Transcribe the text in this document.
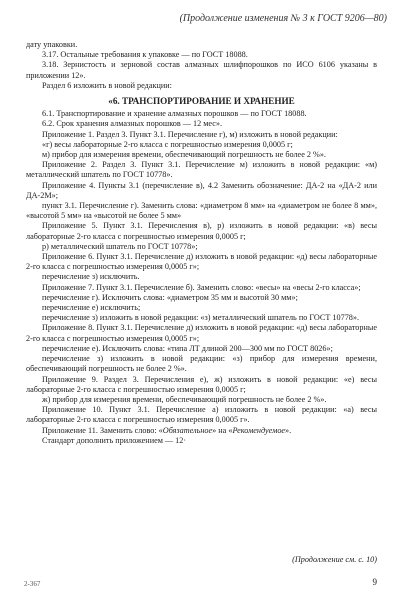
(Продолжение изменения № 3 к ГОСТ 9206—80)

дату упаковки.

3.17. Остальные требования к упаковке — по ГОСТ 18088.

3.18. Зернистость и зерновой состав алмазных шлифпорошков по ИСО 6106 указаны в приложении 12».

Раздел 6 изложить в новой редакции:

«6. ТРАНСПОРТИРОВАНИЕ И ХРАНЕНИЕ

6.1. Транспортирование и хранение алмазных порошков — по ГОСТ 18088.

6.2. Срок хранения алмазных порошков — 12 мес».

Приложение 1. Раздел 3. Пункт 3.1. Перечисление г), м) изложить в новой редакции:

«г) весы лабораторные 2-го класса с погрешностью измерения 0,0005 г;

м) прибор для измерения времени, обеспечивающий погрешность не более 2 %».

Приложение 2. Раздел 3. Пункт 3.1. Перечисление м) изложить в новой редакции: «м) металлический шпатель по ГОСТ 10778».

Приложение 4. Пункты 3.1 (перечисление в), 4.2 Заменить обозначение: ДА-2 на «ДА-2 или ДА-2М»;

пункт 3.1. Перечисление г). Заменить слова: «диаметром 8 мм» на «диаметром не более 8 мм», «высотой 5 мм» на «высотой не более 5 мм»

Приложение 5. Пункт 3.1. Перечисления в), р) изложить в новой редакции: «в) весы лабораторные 2-го класса с погрешностью измерения 0,0005 г;

р) металлический шпатель по ГОСТ 10778»;

Приложение 6. Пункт 3.1. Перечисление д) изложить в новой редакции: «д) весы лабораторные 2-го класса с погрешностью измерения 0,0005 г»;

перечисление з) исключить.

Приложение 7. Пункт 3.1. Перечисление б). Заменить слово: «весы» на «весы 2-го класса»;

перечисление г). Исключить слова: «диаметром 35 мм и высотой 30 мм»;

перечисление е) исключить;

перечисление з) изложить в новой редакции: «з) металлический шпатель по ГОСТ 10778».

Приложение 8. Пункт 3.1. Перечисление д) изложить в новой редакции: «д) весы лабораторные 2-го класса с погрешностью измерения 0,0005 г»;

перечисление е). Исключить слова: «типа ЛТ длиной 200—300 мм по ГОСТ 8026»;

перечисление з) изложить в новой редакции: «з) прибор для измерения времени, обеспечивающий погрешность не более 2 %».

Приложение 9. Раздел 3. Перечисления е), ж) изложить в новой редакции: «е) весы лабораторные 2-го класса с погрешностью измерения 0,0005 г;

ж) прибор для измерения времени, обеспечивающий погрешность не более 2 %».

Приложение 10. Пункт 3.1. Перечисление а) изложить в новой редакции: «а) весы лабораторные 2-го класса с погрешностью измерения 0,0005 г».

Приложение 11. Заменить слово: «Обязательное» на «Рекомендуемое».

Стандарт дополнить приложением — 12·

(Продолжение см. с. 10)
2-367	9
